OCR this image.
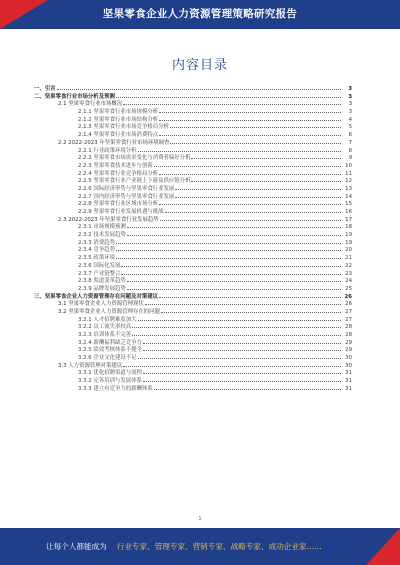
坚果零食企业人力资源管理策略研究报告
内容目录
一、引言	3
二、坚果零食行业市场分析及预测	3
2.1 坚果零食行业市场概况	3
2.1.1 坚果零食行业市场规模分析	3
2.1.2 坚果零食行业市场结构分析	4
2.1.3 坚果零食行业市场竞争格局分析	5
2.1.4 坚果零食行业市场消费特点	6
2.2 2022-2023 年坚果零食行业市场环境调查	7
2.2.1 行业政策环境分析	8
2.2.2 坚果零食市场需求变化与消费者偏好分析	9
2.2.3 坚果零食技术进步与创新	10
2.2.4 坚果零食行业竞争格局分析	11
2.2.5 坚果零食行业产业链上下游及供应链分析	12
2.2.6 国际经济形势与坚果零食行业发展	13
2.2.7 国内经济形势与坚果零食行业发展	14
2.2.8 坚果零食行业区域市场分析	15
2.2.9 坚果零食行业发展机遇与挑战	16
2.3 2022-2023 年坚果零食行业发展趋势	17
2.3.1 市场规模预测	18
2.3.2 技术发展趋势	19
2.3.3 消费趋势	19
2.3.4 竞争趋势	20
2.3.5 政策环境	21
2.3.6 国际化发展	22
2.3.7 产业链整合	23
2.3.8 渠道变革趋势	24
2.3.9 品牌发展趋势	25
三、坚果零食企业人力资源管理存在问题及对策建议	26
3.1 坚果零食企业人力资源管理现状	26
3.2 坚果零食企业人力资源管理存在的问题	27
3.2.1 人才招聘难度加大	27
3.2.2 员工流失率较高	28
3.2.3 培训体系不完善	28
3.2.4 薪酬福利缺乏竞争力	29
3.2.5 绩效考核体系不健全	29
3.2.6 企业文化建设不足	30
3.3 人力资源管理对策建议	30
3.3.1 优化招聘渠道与流程	31
3.3.2 完善培训与发展体系	31
3.3.3 建立有竞争力的薪酬体系	31
1
让每个人都能成为 行业专家、管理专家、营销专家、战略专家、成功企业家……
